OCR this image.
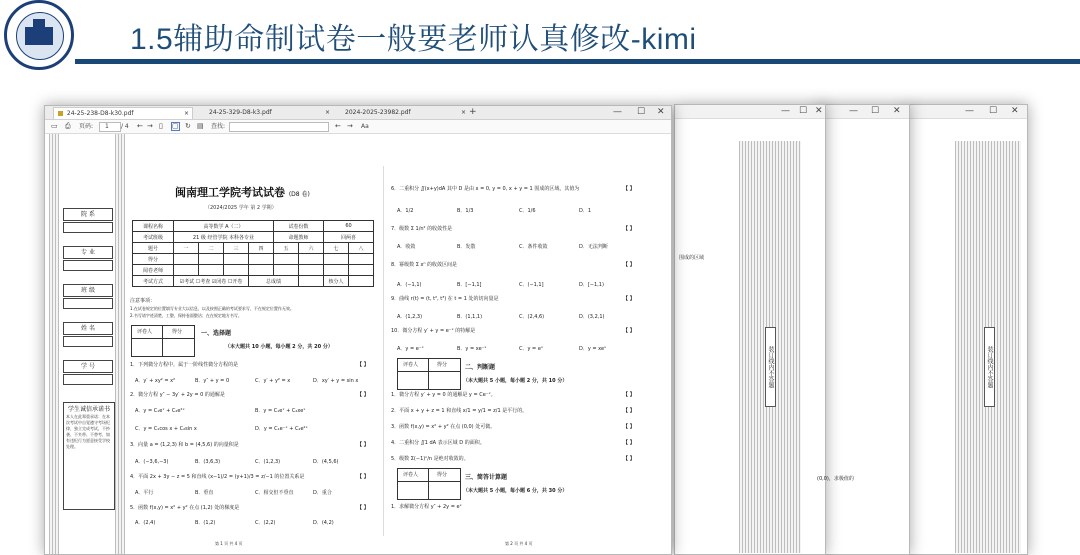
1.5辅助命制试卷一般要老师认真修改-kimi
— ☐ ✕
装订线内不答题
— ☐ ✕
— ☐ ✕
围成的区域
(0,0)，求极值的
装订线内不答题
24-25-238-D8-k30.pdf	×	24-25-329-D8-k3.pdf	×	2024-2025-23982.pdf	× +	— ☐ ✕
▭ ⎙ 页码: 1 / 4 ← → ▯ ▢ ↻ ▤ 查找:	← → Aa
院 系
专 业
班 级
姓 名
学 号
学生诚信承诺书
本人在此郑重承诺：在本次考试中自觉遵守考场纪律，独立完成考试，不抄袭、不夹带、不替考，如有违纪行为愿意接受学校处理。
闽南理工学院考试试卷 (D8 卷)
（2024/2025 学年 第 2 学期）
课程名称	高等数学 A（二）				试卷份数		60	
考试班级	21 级 经管学院 本科各专业				命题教师		回两喜	
题号	一	二	三	四	五	六	七	八
得分								
阅卷老师								
考试方式	☑考试 ☐考查 ☑闭卷 ☐开卷			总成绩			核分人	
注意事项：
1.在试卷规定的位置填写专业大以信息，以及按照正确的考试要求写，不在规定位置作无效。
2.书写请字迹清楚，工整，保持卷面整洁；在在规定地方书写。
评卷人	得分	一、选择题
（本大题共 10 小题，每小题 2 分，共 20 分）
1．下列微分方程中，属于一阶线性微分方程的是	【 】
A．y′ + xy² = x²	B．y″ + y = 0	C．y′ + y² = x	D．xy′ + y = sin x
2．微分方程 y″ − 3y′ + 2y = 0 的通解是	【 】
A．y = C₁eˣ + C₂e²ˣ	B．y = C₁eˣ + C₂xeˣ
C．y = C₁cos x + C₂sin x	D．y = C₁e⁻ˣ + C₂e²ˣ
3．向量 a = (1,2,3) 和 b = (4,5,6) 的向量积是	【 】
A．(−3,6,−3)	B．(3,6,3)	C．(1,2,3)	D．(4,5,6)
4．平面 2x + 3y − z = 5 和直线 (x−1)/2 = (y+1)/3 = z/−1 的位置关系是	【 】
A．平行	B．垂直	C．相交但不垂直	D．重合
5．函数 f(x,y) = x² + y² 在点 (1,2) 处的梯度是	【 】
A．(2,4)	B．(1,2)	C．(2,2)	D．(4,2)
第 1 页 共 4 页
6．二重积分 ∬(x+y)dA 其中 D 是由 x = 0, y = 0, x + y = 1 围成的区域，其值为	【 】
A．1/2	B．1/3	C．1/6	D．1
7．级数 Σ 1/n² 的收敛性是	【 】
A．收敛	B．发散	C．条件收敛	D．无法判断
8．幂级数 Σ xⁿ 的收敛区间是	【 】
A．(−1,1)	B．[−1,1]	C．(−1,1]	D．[−1,1)
9．曲线 r(t) = (t, t², t³) 在 t = 1 处的切向量是	【 】
A．(1,2,3)	B．(1,1,1)	C．(2,4,6)	D．(3,2,1)
10．微分方程 y′ + y = e⁻ˣ 的特解是	【 】
A．y = e⁻ˣ	B．y = xe⁻ˣ	C．y = eˣ	D．y = xeˣ
评卷人	得分	二、判断题
（本大题共 5 小题，每小题 2 分，共 10 分）
1．微分方程 y′ + y = 0 的通解是 y = Ce⁻ˣ。	【 】
2．平面 x + y + z = 1 和直线 x/1 = y/1 = z/1 是平行的。	【 】
3．函数 f(x,y) = x² + y² 在点 (0,0) 处可微。	【 】
4．二重积分 ∬1 dA 表示区域 D 的面积。	【 】
5．级数 Σ(−1)ⁿ/n 是绝对收敛的。	【 】
评卷人	得分	三、简答计算题
（本大题共 5 小题，每小题 6 分，共 30 分）
1．求解微分方程 y″ + 2y = eˣ
第 2 页 共 4 页
